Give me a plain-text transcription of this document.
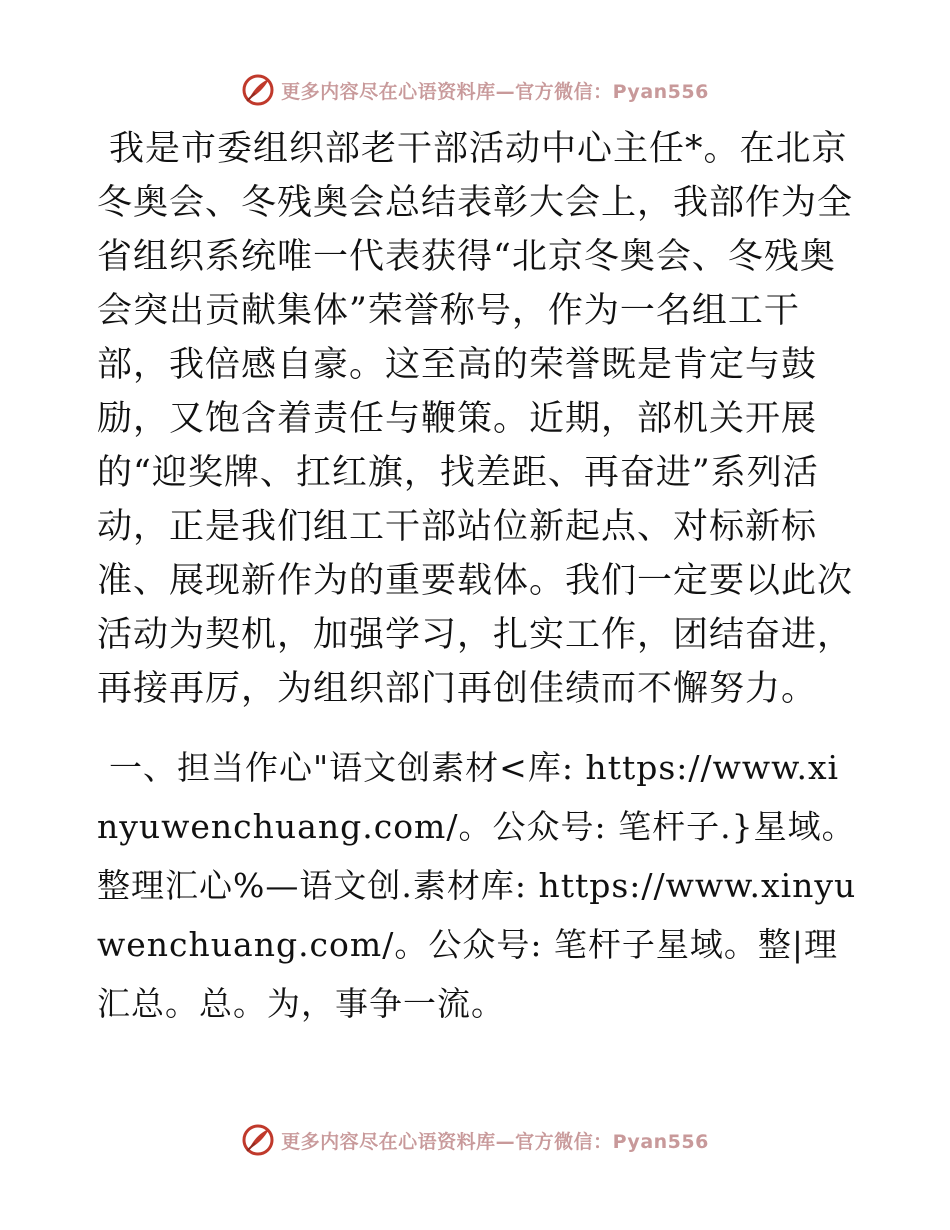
更多内容尽在心语资料库—官方微信：Pyan556

我是市委组织部老干部活动中心主任*。在北京冬奥会、冬残奥会总结表彰大会上，我部作为全省组织系统唯一代表获得“北京冬奥会、冬残奥会突出贡献集体”荣誉称号，作为一名组工干部，我倍感自豪。这至高的荣誉既是肯定与鼓励，又饱含着责任与鞭策。近期，部机关开展的“迎奖牌、扛红旗，找差距、再奋进”系列活动，正是我们组工干部站位新起点、对标新标准、展现新作为的重要载体。我们一定要以此次活动为契机，加强学习，扎实工作，团结奋进，再接再厉，为组织部门再创佳绩而不懈努力。

一、担当作心"语文创素材<库: https://www.xinyuwenchuang.com/。公众号: 笔杆子.}星域。整理汇心%—语文创.素材库: https://www.xinyuwenchuang.com/。公众号: 笔杆子星域。整|理汇总。总。为，事争一流。

更多内容尽在心语资料库—官方微信：Pyan556
